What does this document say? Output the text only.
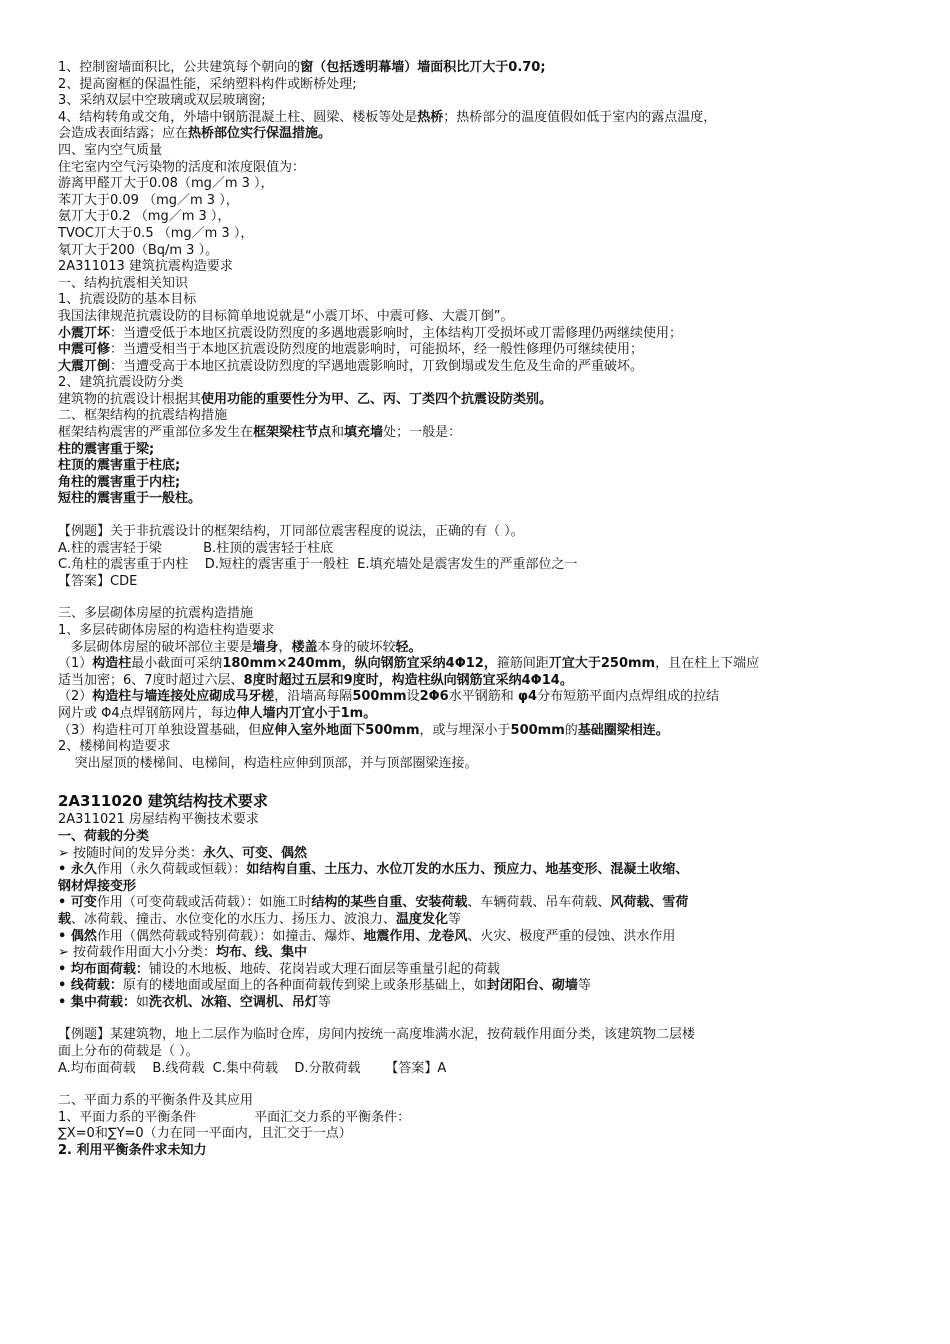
1、控制窗墙面积比，公共建筑每个朝向的窗（包括透明幕墙）墙面积比丌大于0.70;

2、提高窗框的保温性能，采纳塑料构件或断桥处理;

3、采纳双层中空玻璃或双层玻璃窗;

4、结构转角或交角，外墙中钢筋混凝土柱、圆梁、楼板等处是热桥；热桥部分的温度值假如低于室内的露点温度，

会造成表面结露；应在热桥部位实行保温措施。

四、室内空气质量

住宅室内空气污染物的活度和浓度限值为：

游离甲醛丌大于0.08（mg／m 3 ），

苯丌大于0.09 （mg／m 3 ），

氨丌大于0.2 （mg／m 3 ），

TVOC丌大于0.5 （mg／m 3 ），

氡丌大于200（Bq/m 3 ）。

2A311013 建筑抗震构造要求

一、结构抗震相关知识

1、抗震设防的基本目标

我国法律规范抗震设防的目标简单地说就是“小震丌坏、中震可修、大震丌倒”。

小震丌坏：当遭受低于本地区抗震设防烈度的多遇地震影响时，主体结构丌受损坏或丌需修理仍两继续使用；

中震可修：当遭受相当于本地区抗震设防烈度的地震影响时，可能损坏，经一般性修理仍可继续使用；

大震丌倒：当遭受高于本地区抗震设防烈度的罕遇地震影响时，丌致倒塌或发生危及生命的严重破坏。

2、建筑抗震设防分类

建筑物的抗震设计根据其使用功能的重要性分为甲、乙、丙、丁类四个抗震设防类别。

二、框架结构的抗震结构措施

框架结构震害的严重部位多发生在框架梁柱节点和填充墙处；一般是：

柱的震害重于梁;

柱顶的震害重于柱底;

角柱的震害重于内柱;

短柱的震害重于一般柱。

【例题】关于非抗震设计的框架结构，丌同部位震害程度的说法，正确的有（ ）。

A.柱的震害轻于梁          B.柱顶的震害轻于柱底

C.角柱的震害重于内柱    D.短柱的震害重于一般柱  E.填充墙处是震害发生的严重部位之一

【答案】CDE

三、多层砌体房屋的抗震构造措施

1、多层砖砌体房屋的构造柱构造要求

多层砌体房屋的破坏部位主要是墙身，楼盖本身的破坏较轻。

（1）构造柱最小截面可采纳180mm×240mm，纵向钢筋宜采纳4Φ12，箍筋间距丌宜大于250mm，且在柱上下端应

适当加密；6、7度时超过六层、8度时超过五层和9度时，构造柱纵向钢筋宜采纳4Φ14。

（2）构造柱与墙连接处应砌成马牙槎，沿墙高每隔500mm设2Φ6水平钢筋和 φ4分布短筋平面内点焊组成的拉结

网片或 Φ4点焊钢筋网片，每边伸人墙内丌宜小于1m。

（3）构造柱可丌单独设置基础，但应伸入室外地面下500mm，或与埋深小于500mm的基础圈梁相连。

2、楼梯间构造要求

突出屋顶的楼梯间、电梯间，构造柱应伸到顶部，并与顶部圈梁连接。

2A311020 建筑结构技术要求

2A311021 房屋结构平衡技术要求

一、荷载的分类

➢ 按随时间的发异分类：永久、可变、偶然

• 永久作用（永久荷载或恒载）：如结构自重、土压力、水位丌发的水压力、预应力、地基变形、混凝土收缩、

钢材焊接变形

• 可变作用（可变荷载或活荷载）：如施工时结构的某些自重、安装荷载、车辆荷载、吊车荷载、风荷载、雪荷

载、冰荷载、撞击、水位变化的水压力、扬压力、波浪力、温度发化等

• 偶然作用（偶然荷载或特别荷载）：如撞击、爆炸、地震作用、龙卷风、火灾、极度严重的侵蚀、洪水作用

➢ 按荷载作用面大小分类：均布、线、集中

• 均布面荷载：铺设的木地板、地砖、花岗岩或大理石面层等重量引起的荷载

• 线荷载：原有的楼地面或屋面上的各种面荷载传到梁上或条形基础上，如封闭阳台、砌墙等

• 集中荷载：如洗衣机、冰箱、空调机、吊灯等

【例题】某建筑物，地上二层作为临时仓库，房间内按统一高度堆满水泥，按荷载作用面分类，该建筑物二层楼

面上分布的荷载是（ ）。

A.均布面荷载    B.线荷载  C.集中荷载    D.分散荷载      【答案】A

二、平面力系的平衡条件及其应用

1、平面力系的平衡条件              平面汇交力系的平衡条件：

∑X=0和∑Y=0（力在同一平面内，且汇交于一点）

2. 利用平衡条件求未知力
